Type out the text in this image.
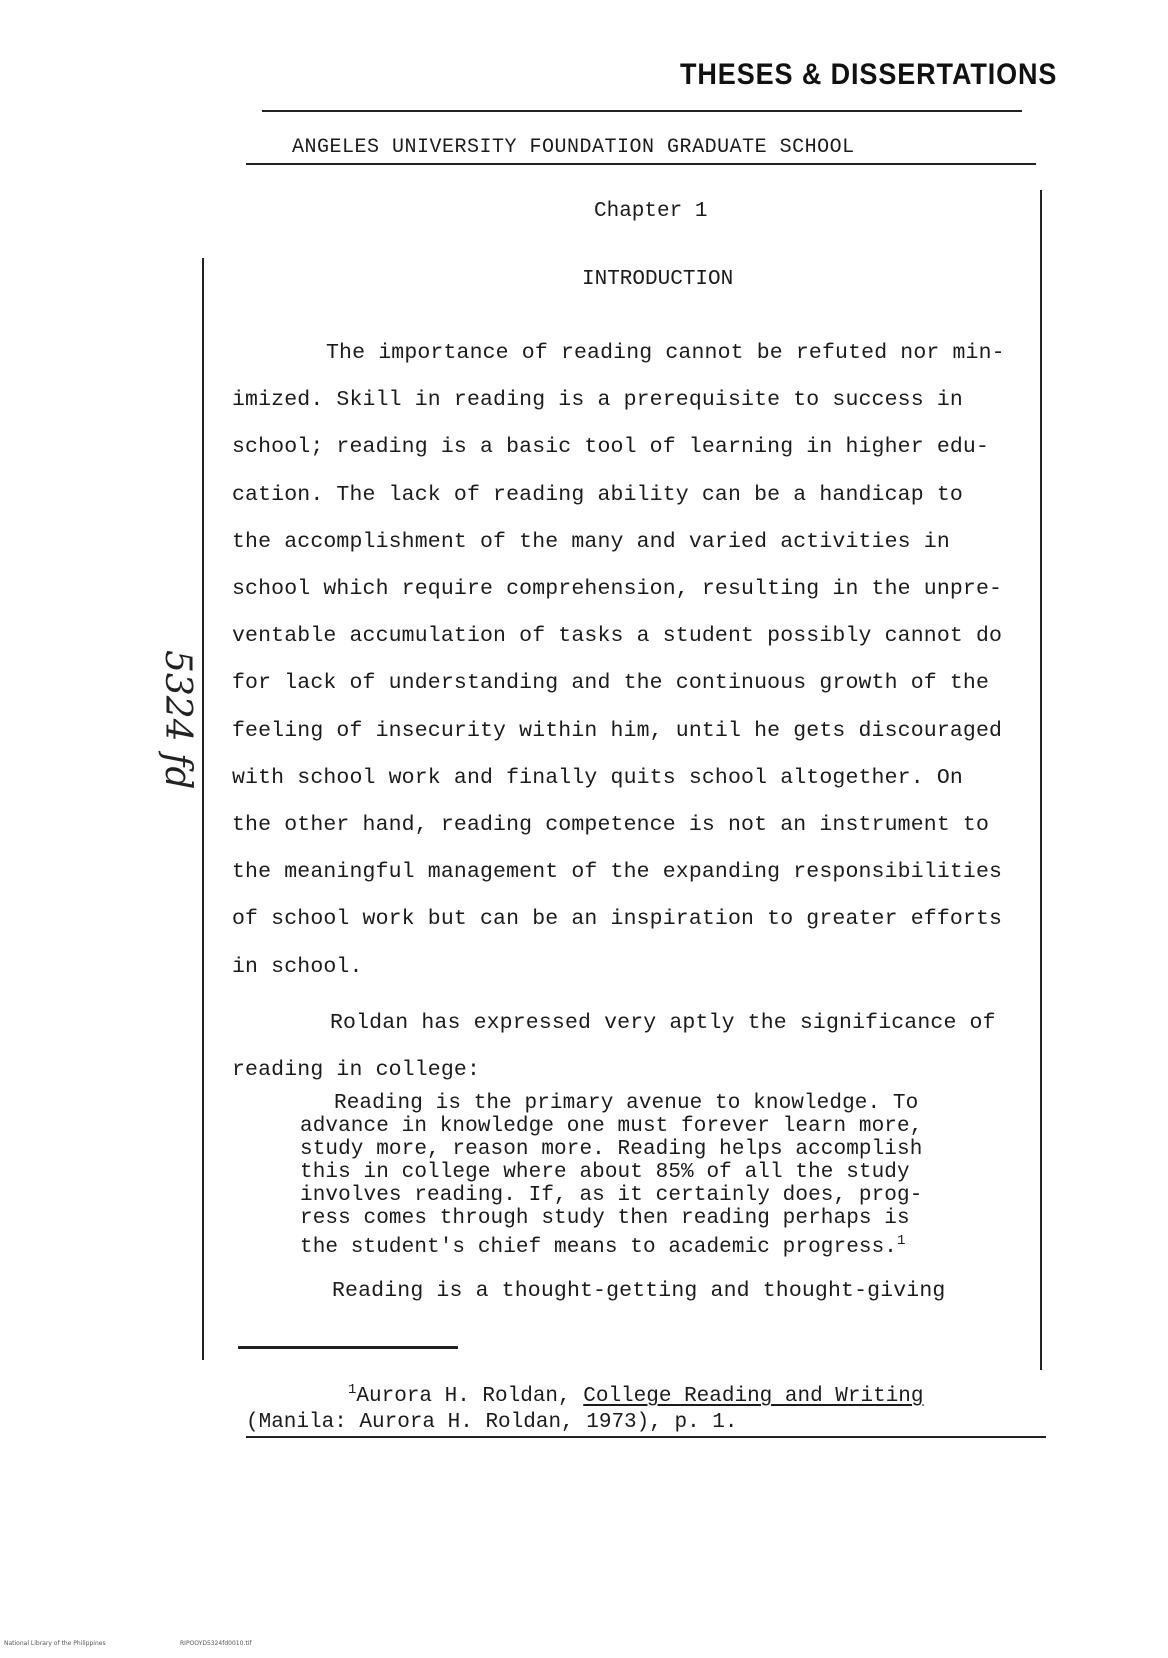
THESES & DISSERTATIONS
ANGELES UNIVERSITY FOUNDATION GRADUATE SCHOOL
Chapter 1
INTRODUCTION
5324 fd

The importance of reading cannot be refuted nor min-

imized. Skill in reading is a prerequisite to success in

school; reading is a basic tool of learning in higher edu-

cation. The lack of reading ability can be a handicap to

the accomplishment of the many and varied activities in

school which require comprehension, resulting in the unpre-

ventable accumulation of tasks a student possibly cannot do

for lack of understanding and the continuous growth of the

feeling of insecurity within him, until he gets discouraged

with school work and finally quits school altogether. On

the other hand, reading competence is not an instrument to

the meaningful management of the expanding responsibilities

of school work but can be an inspiration to greater efforts

in school.

Roldan has expressed very aptly the significance of

reading in college:

Reading is the primary avenue to knowledge. To

advance in knowledge one must forever learn more,

study more, reason more. Reading helps accomplish

this in college where about 85% of all the study

involves reading. If, as it certainly does, prog-

ress comes through study then reading perhaps is

the student's chief means to academic progress.$^1$

Reading is a thought-getting and thought-giving

$^1$Aurora H. Roldan, College Reading and Writing

(Manila: Aurora H. Roldan, 1973), p. 1.

National Library of the Philippines	RIPOOYD5324fd0010.tif
